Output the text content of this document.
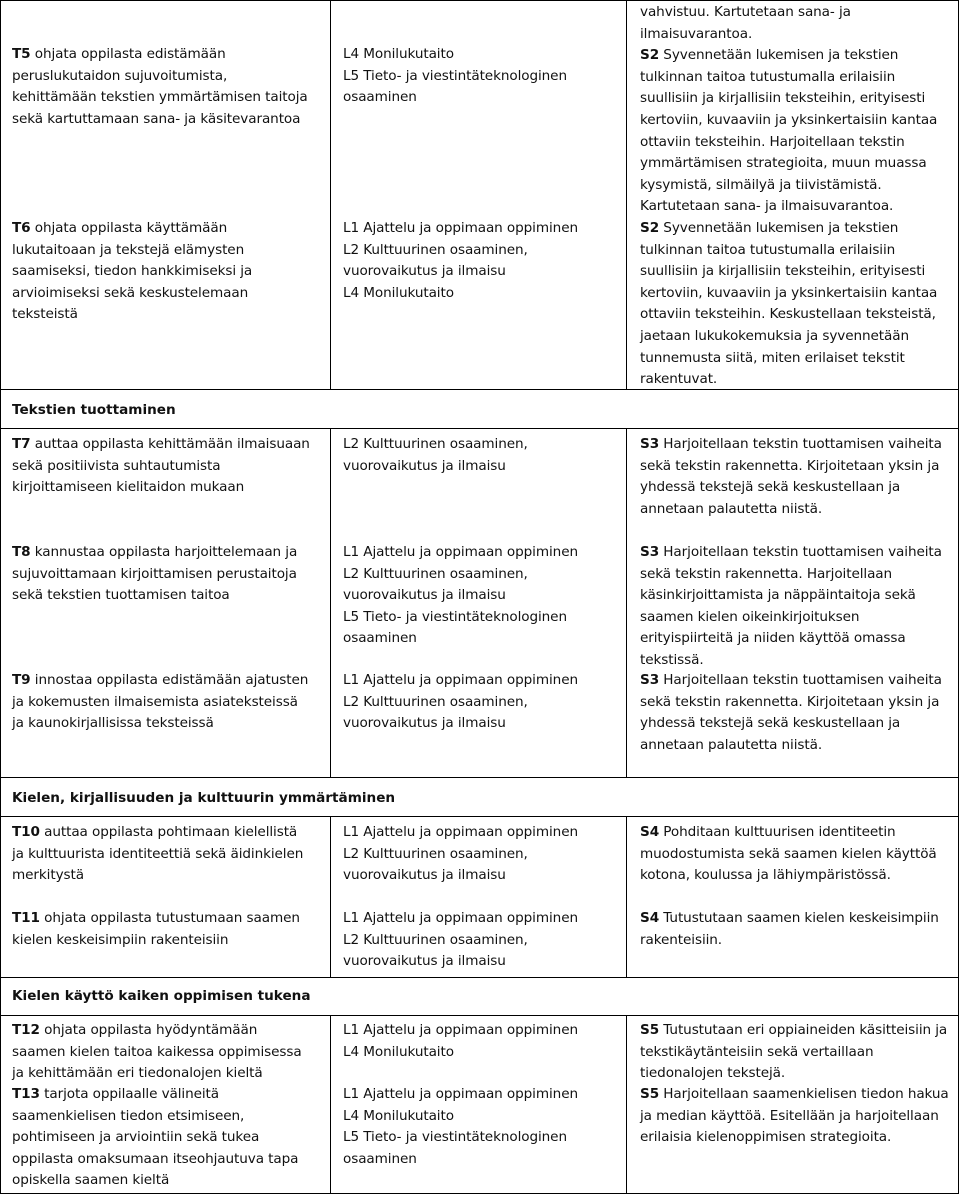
T5 ohjata oppilasta edistämään peruslukutaidon sujuvoitumista, kehittämään tekstien ymmärtämisen taitoja sekä kartuttamaan sana- ja käsitevarantoa
L4 Monilukutaito
L5 Tieto- ja viestintäteknologinen osaaminen
T6 ohjata oppilasta käyttämään lukutaitoaan ja tekstejä elämysten saamiseksi, tiedon hankkimiseksi ja arvioimiseksi sekä keskustelemaan teksteistä
L1 Ajattelu ja oppimaan oppiminen
L2 Kulttuurinen osaaminen, vuorovaikutus ja ilmaisu
L4 Monilukutaito

vahvistuu. Kartutetaan sana- ja ilmaisuvarantoa.

S2 Syvennetään lukemisen ja tekstien tulkinnan taitoa tutustumalla erilaisiin suullisiin ja kirjallisiin teksteihin, erityisesti kertoviin, kuvaaviin ja yksinkertaisiin kantaa ottaviin teksteihin. Harjoitellaan tekstin ymmärtämisen strategioita, muun muassa kysymistä, silmäilyä ja tiivistämistä. Kartutetaan sana- ja ilmaisuvarantoa.

S2 Syvennetään lukemisen ja tekstien tulkinnan taitoa tutustumalla erilaisiin suullisiin ja kirjallisiin teksteihin, erityisesti kertoviin, kuvaaviin ja yksinkertaisiin kantaa ottaviin teksteihin. Keskustellaan teksteistä, jaetaan lukukokemuksia ja syvennetään tunnemusta siitä, miten erilaiset tekstit rakentuvat.

Tekstien tuottaminen
T7 auttaa oppilasta kehittämään ilmaisuaan sekä positiivista suhtautumista kirjoittamiseen kielitaidon mukaan
L2 Kulttuurinen osaaminen, vuorovaikutus ja ilmaisu
S3 Harjoitellaan tekstin tuottamisen vaiheita sekä tekstin rakennetta. Kirjoitetaan yksin ja yhdessä tekstejä sekä keskustellaan ja annetaan palautetta niistä.
T8 kannustaa oppilasta harjoittelemaan ja sujuvoittamaan kirjoittamisen perustaitoja sekä tekstien tuottamisen taitoa
L1 Ajattelu ja oppimaan oppiminen
L2 Kulttuurinen osaaminen, vuorovaikutus ja ilmaisu
L5 Tieto- ja viestintäteknologinen osaaminen
S3 Harjoitellaan tekstin tuottamisen vaiheita sekä tekstin rakennetta. Harjoitellaan käsinkirjoittamista ja näppäintaitoja sekä saamen kielen oikeinkirjoituksen erityispiirteitä ja niiden käyttöä omassa tekstissä.
T9 innostaa oppilasta edistämään ajatusten ja kokemusten ilmaisemista asiateksteissä ja kaunokirjallisissa teksteissä
L1 Ajattelu ja oppimaan oppiminen
L2 Kulttuurinen osaaminen, vuorovaikutus ja ilmaisu
S3 Harjoitellaan tekstin tuottamisen vaiheita sekä tekstin rakennetta. Kirjoitetaan yksin ja yhdessä tekstejä sekä keskustellaan ja annetaan palautetta niistä.
Kielen, kirjallisuuden ja kulttuurin ymmärtäminen
T10 auttaa oppilasta pohtimaan kielellistä ja kulttuurista identiteettiä sekä äidinkielen merkitystä
L1 Ajattelu ja oppimaan oppiminen
L2 Kulttuurinen osaaminen, vuorovaikutus ja ilmaisu
S4 Pohditaan kulttuurisen identiteetin muodostumista sekä saamen kielen käyttöä kotona, koulussa ja lähiympäristössä.
T11 ohjata oppilasta tutustumaan saamen kielen keskeisimpiin rakenteisiin
L1 Ajattelu ja oppimaan oppiminen
L2 Kulttuurinen osaaminen, vuorovaikutus ja ilmaisu
S4 Tutustutaan saamen kielen keskeisimpiin rakenteisiin.
Kielen käyttö kaiken oppimisen tukena
T12 ohjata oppilasta hyödyntämään saamen kielen taitoa kaikessa oppimisessa ja kehittämään eri tiedonalojen kieltä
L1 Ajattelu ja oppimaan oppiminen
L4 Monilukutaito
S5 Tutustutaan eri oppiaineiden käsitteisiin ja tekstikäytänteisiin sekä vertaillaan tiedonalojen tekstejä.
T13 tarjota oppilaalle välineitä saamenkielisen tiedon etsimiseen, pohtimiseen ja arviointiin sekä tukea oppilasta omaksumaan itseohjautuva tapa opiskella saamen kieltä
L1 Ajattelu ja oppimaan oppiminen
L4 Monilukutaito
L5 Tieto- ja viestintäteknologinen osaaminen
S5 Harjoitellaan saamenkielisen tiedon hakua ja median käyttöä. Esitellään ja harjoitellaan erilaisia kielenoppimisen strategioita.
